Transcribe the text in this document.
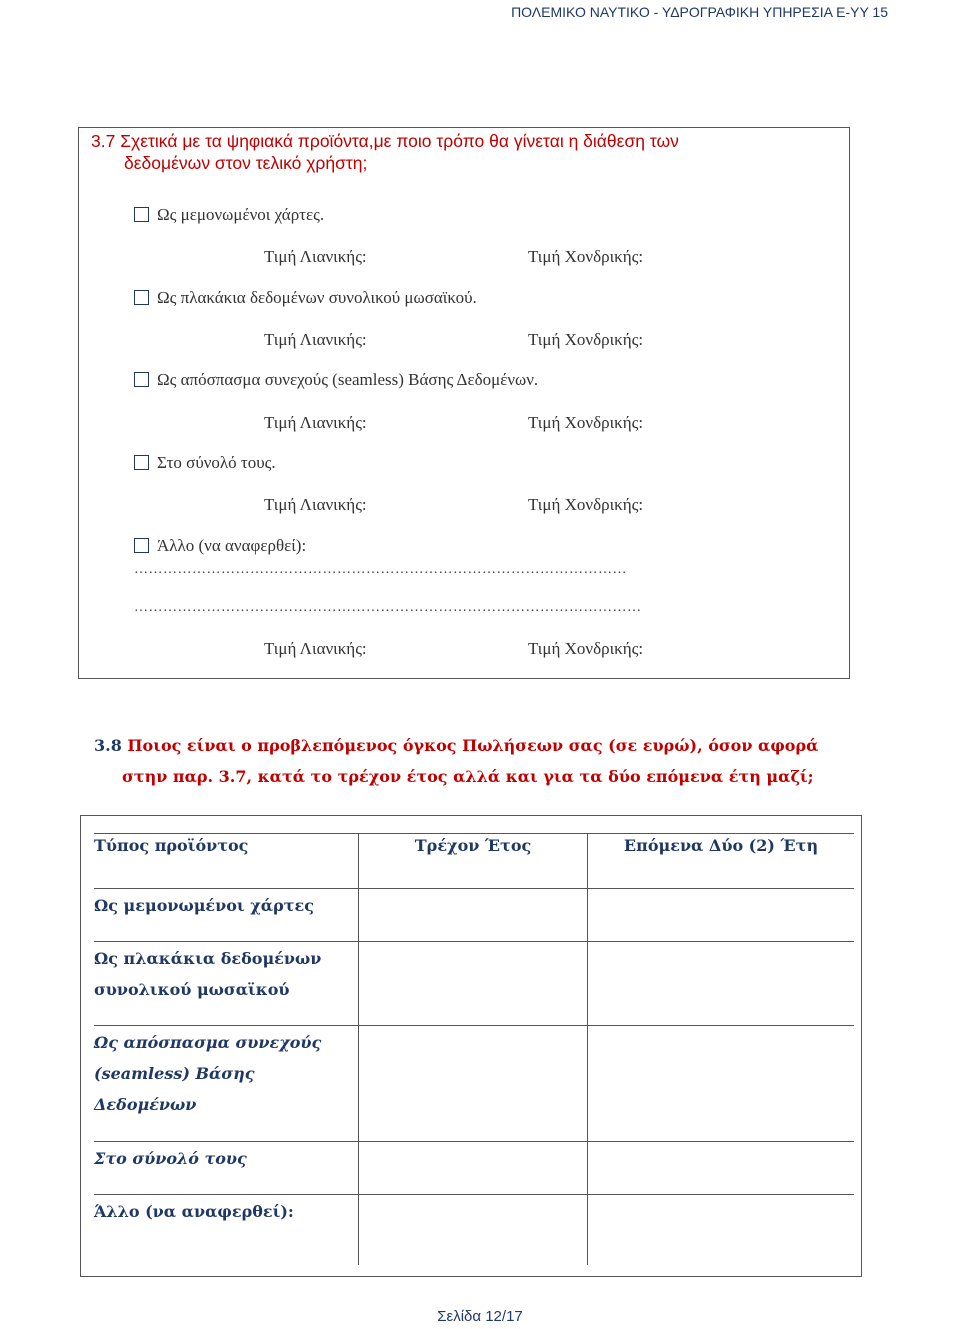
ΠΟΛΕΜΙΚΟ ΝΑΥΤΙΚΟ - ΥΔΡΟΓΡΑΦΙΚΗ ΥΠΗΡΕΣΙΑ Ε-ΥΥ 15
3.7 Σχετικά με τα ψηφιακά προϊόντα,με ποιο τρόπο θα γίνεται η διάθεση των
δεδομένων στον τελικό χρήστη;
Ως μεμονωμένοι χάρτες.
Τιμή Λιανικής:	Τιμή Χονδρικής:
Ως πλακάκια δεδομένων συνολικού μωσαϊκού.
Τιμή Λιανικής:	Τιμή Χονδρικής:
Ως απόσπασμα συνεχούς (seamless) Βάσης Δεδομένων.
Τιμή Λιανικής:	Τιμή Χονδρικής:
Στο σύνολό τους.
Τιμή Λιανικής:	Τιμή Χονδρικής:
Άλλο (να αναφερθεί):
…………………………………………………………………………………………
……………………………………………………………………………………………
Τιμή Λιανικής:	Τιμή Χονδρικής:
3.8 Ποιος είναι ο προβλεπόμενος όγκος Πωλήσεων σας (σε ευρώ), όσον αφορά
στην παρ. 3.7, κατά το τρέχον έτος αλλά και για τα δύο επόμενα έτη μαζί;
Τύπος προϊόντος	Τρέχον Έτος	Επόμενα Δύο (2) Έτη
Ως μεμονωμένοι χάρτες		
Ως πλακάκια δεδομένων συνολικού μωσαϊκού		
Ως απόσπασμα συνεχούς (seamless) Βάσης Δεδομένων		
Στο σύνολό τους		
Άλλο (να αναφερθεί):		
Σελίδα 12/17
